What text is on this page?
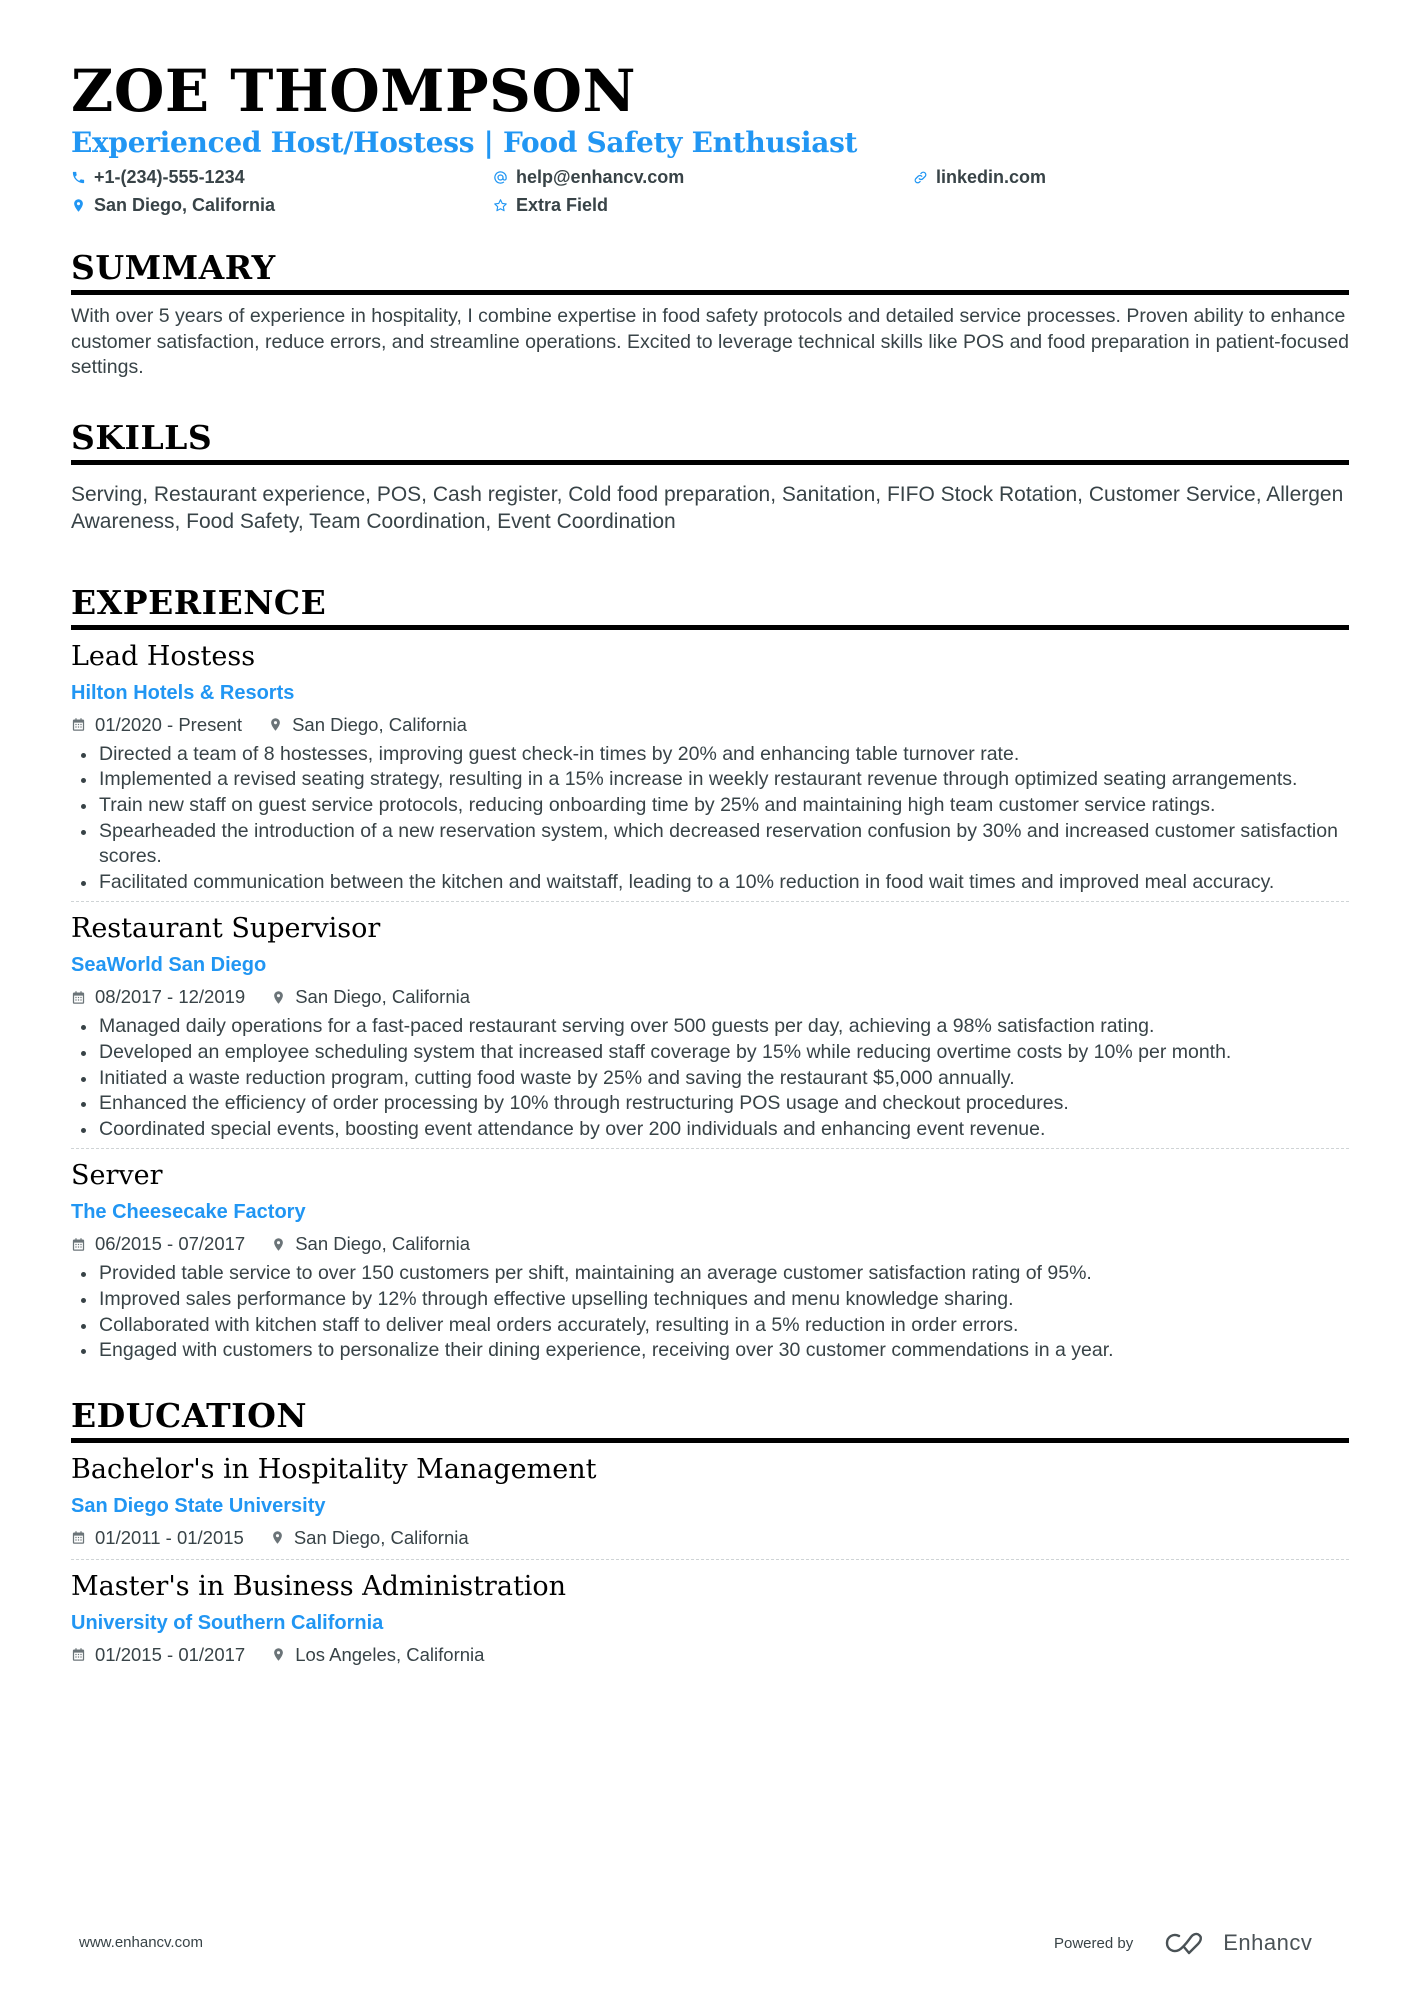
ZOE THOMPSON
Experienced Host/Hostess | Food Safety Enthusiast
+1-(234)-555-1234	help@enhancv.com	linkedin.com
San Diego, California	Extra Field
SUMMARY
With over 5 years of experience in hospitality, I combine expertise in food safety protocols and detailed service processes. Proven ability to enhance customer satisfaction, reduce errors, and streamline operations. Excited to leverage technical skills like POS and food preparation in patient-focused settings.
SKILLS
Serving, Restaurant experience, POS, Cash register, Cold food preparation, Sanitation, FIFO Stock Rotation, Customer Service, Allergen Awareness, Food Safety, Team Coordination, Event Coordination
EXPERIENCE
Lead Hostess
Hilton Hotels & Resorts
01/2020 - Present	San Diego, California
Directed a team of 8 hostesses, improving guest check-in times by 20% and enhancing table turnover rate.
Implemented a revised seating strategy, resulting in a 15% increase in weekly restaurant revenue through optimized seating arrangements.
Train new staff on guest service protocols, reducing onboarding time by 25% and maintaining high team customer service ratings.
Spearheaded the introduction of a new reservation system, which decreased reservation confusion by 30% and increased customer satisfaction scores.
Facilitated communication between the kitchen and waitstaff, leading to a 10% reduction in food wait times and improved meal accuracy.
Restaurant Supervisor
SeaWorld San Diego
08/2017 - 12/2019	San Diego, California
Managed daily operations for a fast-paced restaurant serving over 500 guests per day, achieving a 98% satisfaction rating.
Developed an employee scheduling system that increased staff coverage by 15% while reducing overtime costs by 10% per month.
Initiated a waste reduction program, cutting food waste by 25% and saving the restaurant $5,000 annually.
Enhanced the efficiency of order processing by 10% through restructuring POS usage and checkout procedures.
Coordinated special events, boosting event attendance by over 200 individuals and enhancing event revenue.
Server
The Cheesecake Factory
06/2015 - 07/2017	San Diego, California
Provided table service to over 150 customers per shift, maintaining an average customer satisfaction rating of 95%.
Improved sales performance by 12% through effective upselling techniques and menu knowledge sharing.
Collaborated with kitchen staff to deliver meal orders accurately, resulting in a 5% reduction in order errors.
Engaged with customers to personalize their dining experience, receiving over 30 customer commendations in a year.
EDUCATION
Bachelor's in Hospitality Management
San Diego State University
01/2011 - 01/2015	San Diego, California
Master's in Business Administration
University of Southern California
01/2015 - 01/2017	Los Angeles, California
www.enhancv.com	Powered by	Enhancv
